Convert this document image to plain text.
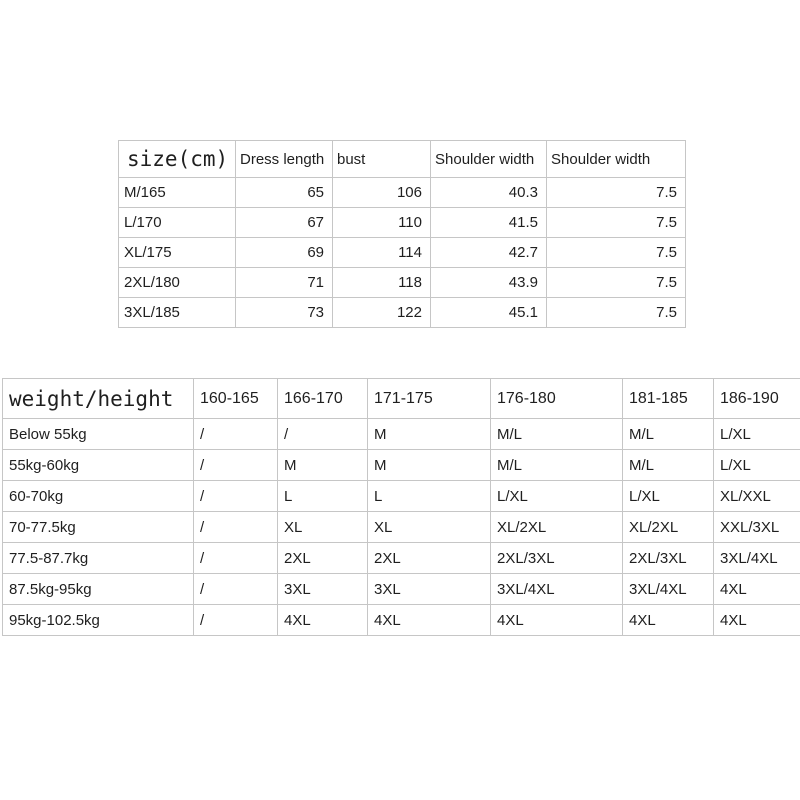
size(cm)	Dress length	bust	Shoulder width	Shoulder width
M/165	65	106	40.3	7.5
L/170	67	110	41.5	7.5
XL/175	69	114	42.7	7.5
2XL/180	71	118	43.9	7.5
3XL/185	73	122	45.1	7.5
weight/height	160-165	166-170	171-175	176-180	181-185	186-190
Below 55kg	/	/	M	M/L	M/L	L/XL
55kg-60kg	/	M	M	M/L	M/L	L/XL
60-70kg	/	L	L	L/XL	L/XL	XL/XXL
70-77.5kg	/	XL	XL	XL/2XL	XL/2XL	XXL/3XL
77.5-87.7kg	/	2XL	2XL	2XL/3XL	2XL/3XL	3XL/4XL
87.5kg-95kg	/	3XL	3XL	3XL/4XL	3XL/4XL	4XL
95kg-102.5kg	/	4XL	4XL	4XL	4XL	4XL
